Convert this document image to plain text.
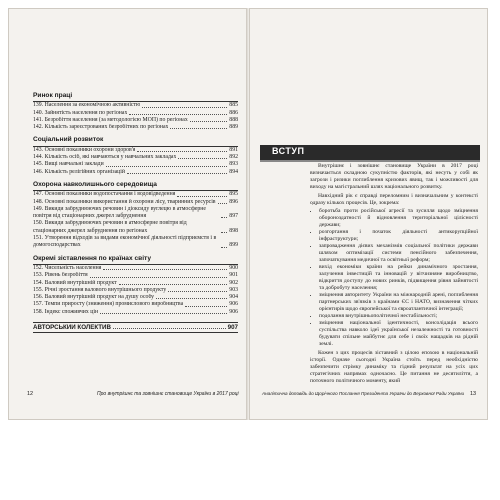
Ринок праці
139. Населення за економічною активністю	885
140. Зайнятість населення по регіонах	886
141. Безробіття населення (за методологією МОП) по регіонах	888
142. Кількість зареєстрованих безробітних по регіонах	889
Соціальний розвиток
143. Основні показники охорони здоров'я	891
144. Кількість осіб, які навчаються у навчальних закладах	892
145. Вищі навчальні заклади	893
146. Кількість релігійних організацій	894
Охорона навколишнього середовища
147. Основні показники водопостачання і водовідведення	895
148. Основні показники використання й охорони лісу, тваринних ресурсів 896
149. Викиди забруднюючих речовин і діоксиду вуглецю в атмосферне повітря від стаціонарних джерел забруднення	897
150. Викиди забруднюючих речовин в атмосферне повітря від стаціонарних джерел забруднення по регіонах	898
151. Утворення відходів за видами економічної діяльності підприємств і в домогосподарствах	899
Окремі зіставлення по країнах світу
152. Чисельність населення	900
153. Рівень безробіття	901
154. Валовий внутрішній продукт	902
155. Річні зростання валового внутрішнього продукту	903
156. Валовий внутрішній продукт на душу особу	904
157. Темпи приросту (зниження) промислового виробництва	906
158. Індекс споживчих цін	906
АВТОРСЬКИЙ КОЛЕКТИВ	907
12	Про внутрішнє та зовнішнє становище України в 2017 році
ВСТУП

Внутрішнє і зовнішнє становище України в 2017 році визначається складною сукупністю факторів, які несуть у собі як загрози і ризики поглиблення кризових явищ, так і можливості для виходу на магістральний шлях національного розвитку.

Навхідний рік є справді переломним і визначальним у контексті одразу кількох процесів. Це, зокрема:

• боротьба проти російської агресії та зусилля щодо зміцнення обороноздатності й відновлення територіальної цілісності держави;
• розгортання і початок діяльності антикорупційної інфраструктури;
• запровадження дієвих механізмів соціальної політики держави шляхом оптимізації системи пенсійного забезпечення, започаткування медичної та освітньої реформ;
• вихід економіки країни на рейки динамічного зростання, залучення інвестицій та інновацій у вітчизняне виробництво, відкриття доступу до нових ринків, підвищення рівня зайнятості та добробуту населення;
• зміцнення авторитету України на міжнародній арені, поглиблення партнерських зв'язків з країнами ЄС і НАТО, визначення чітких орієнтирів щодо європейської та євроатлантичної інтеграції;
• подолання внутрішньополітичної нестабільності;
• зміцнення національної ідентичності, консолідація всього суспільства навколо ідеї української незалежності та готовності будувати спільне майбутнє для себе і своїх нащадків на рідній землі.

Кожен з цих процесів зіставний з цілою епохою в національній історії. Одначе сьогодні Україна стоїть перед необхідністю забезпечити стрімку динаміку та гідний результат на усіх цих стратегічних напрямах одночасно. Це питання не десятиліття, а поточного політичного моменту, який

Аналітична доповідь до Щорічного Послання Президента України до Верховної Ради України 13
